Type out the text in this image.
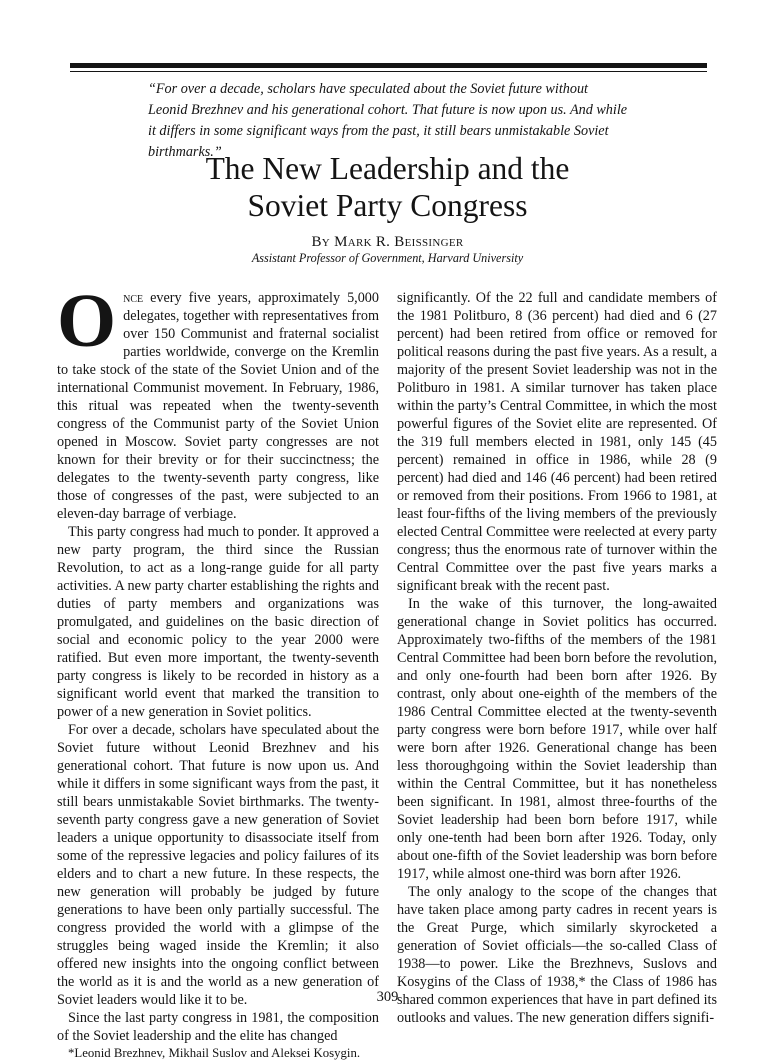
“For over a decade, scholars have speculated about the Soviet future without Leonid Brezhnev and his generational cohort. That future is now upon us. And while it differs in some significant ways from the past, it still bears unmistakable Soviet birthmarks.”
The New Leadership and the
Soviet Party Congress
By Mark R. Beissinger
Assistant Professor of Government, Harvard University

Once every five years, approximately 5,000 delegates, together with representatives from over 150 Communist and fraternal socialist parties worldwide, converge on the Kremlin to take stock of the state of the Soviet Union and of the international Communist movement. In February, 1986, this ritual was repeated when the twenty-seventh congress of the Communist party of the Soviet Union opened in Moscow. Soviet party congresses are not known for their brevity or for their succinctness; the delegates to the twenty-seventh party congress, like those of congresses of the past, were subjected to an eleven-day barrage of verbiage.

This party congress had much to ponder. It approved a new party program, the third since the Russian Revolution, to act as a long-range guide for all party activities. A new party charter establishing the rights and duties of party members and organizations was promulgated, and guidelines on the basic direction of social and economic policy to the year 2000 were ratified. But even more important, the twenty-seventh party congress is likely to be recorded in history as a significant world event that marked the transition to power of a new generation in Soviet politics.

For over a decade, scholars have speculated about the Soviet future without Leonid Brezhnev and his generational cohort. That future is now upon us. And while it differs in some significant ways from the past, it still bears unmistakable Soviet birthmarks. The twenty-seventh party congress gave a new generation of Soviet leaders a unique opportunity to disassociate itself from some of the repressive legacies and policy failures of its elders and to chart a new future. In these respects, the new generation will probably be judged by future generations to have been only partially successful. The congress provided the world with a glimpse of the struggles being waged inside the Kremlin; it also offered new insights into the ongoing conflict between the world as it is and the world as a new generation of Soviet leaders would like it to be.

Since the last party congress in 1981, the composition of the Soviet leadership and the elite has changed

*Leonid Brezhnev, Mikhail Suslov and Aleksei Kosygin.

significantly. Of the 22 full and candidate members of the 1981 Politburo, 8 (36 percent) had died and 6 (27 percent) had been retired from office or removed for political reasons during the past five years. As a result, a majority of the present Soviet leadership was not in the Politburo in 1981. A similar turnover has taken place within the party’s Central Committee, in which the most powerful figures of the Soviet elite are represented. Of the 319 full members elected in 1981, only 145 (45 percent) remained in office in 1986, while 28 (9 percent) had died and 146 (46 percent) had been retired or removed from their positions. From 1966 to 1981, at least four-fifths of the living members of the previously elected Central Committee were reelected at every party congress; thus the enormous rate of turnover within the Central Committee over the past five years marks a significant break with the recent past.

In the wake of this turnover, the long-awaited generational change in Soviet politics has occurred. Approximately two-fifths of the members of the 1981 Central Committee had been born before the revolution, and only one-fourth had been born after 1926. By contrast, only about one-eighth of the members of the 1986 Central Committee elected at the twenty-seventh party congress were born before 1917, while over half were born after 1926. Generational change has been less thoroughgoing within the Soviet leadership than within the Central Committee, but it has nonetheless been significant. In 1981, almost three-fourths of the Soviet leadership had been born before 1917, while only one-tenth had been born after 1926. Today, only about one-fifth of the Soviet leadership was born before 1917, while almost one-third was born after 1926.

The only analogy to the scope of the changes that have taken place among party cadres in recent years is the Great Purge, which similarly skyrocketed a generation of Soviet officials—the so-called Class of 1938—to power. Like the Brezhnevs, Suslovs and Kosygins of the Class of 1938,* the Class of 1986 has shared common experiences that have in part defined its outlooks and values. The new generation differs signifi-

309
